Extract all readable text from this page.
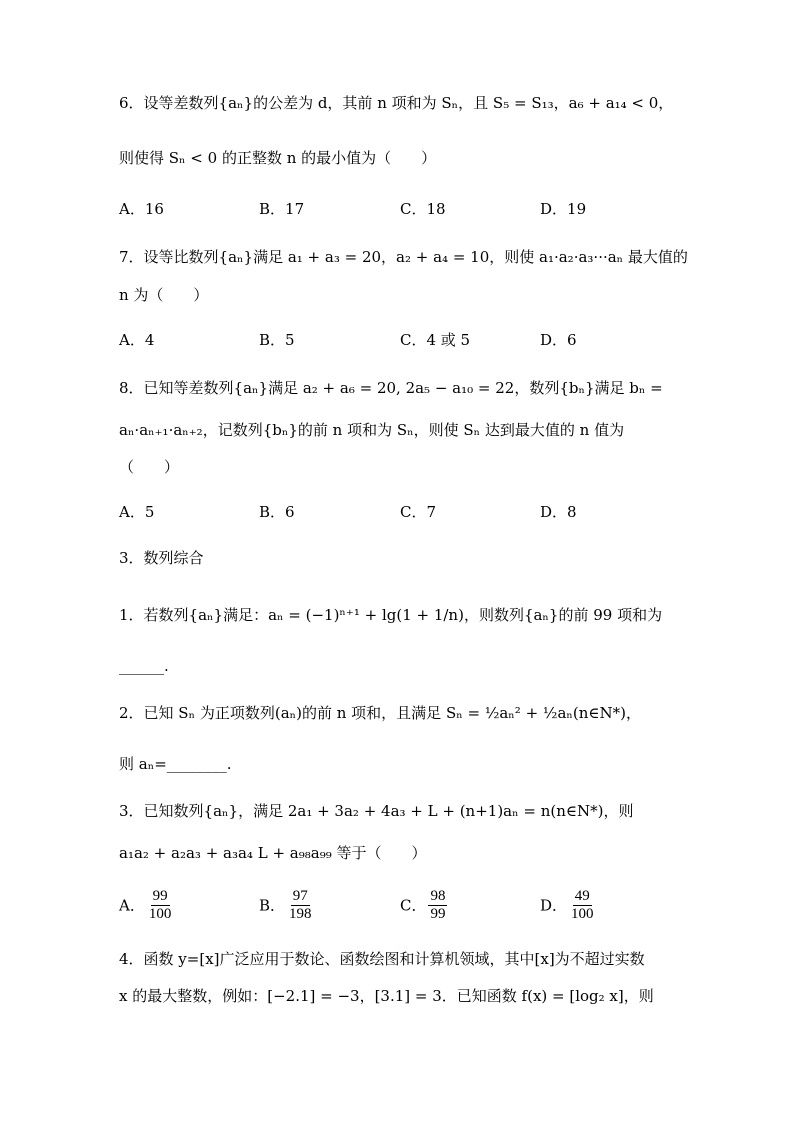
6．设等差数列{aₙ}的公差为 d，其前 n 项和为 Sₙ，且 S₅ = S₁₃，a₆ + a₁₄ < 0，
则使得 Sₙ < 0 的正整数 n 的最小值为（　　）
A．16	B．17	C．18	D．19
7．设等比数列{aₙ}满足 a₁ + a₃ = 20，a₂ + a₄ = 10，则使 a₁·a₂·a₃···aₙ 最大值的
n 为（　　）
A．4	B．5	C．4 或 5	D．6
8．已知等差数列{aₙ}满足 a₂ + a₆ = 20, 2a₅ − a₁₀ = 22，数列{bₙ}满足 bₙ =
aₙ·aₙ₊₁·aₙ₊₂，记数列{bₙ}的前 n 项和为 Sₙ，则使 Sₙ 达到最大值的 n 值为
（　　）
A．5	B．6	C．7	D．8
3．数列综合
1．若数列{aₙ}满足：aₙ = (−1)ⁿ⁺¹ + lg(1 + 1/n)，则数列{aₙ}的前 99 项和为
______.
2．已知 Sₙ 为正项数列(aₙ)的前 n 项和，且满足 Sₙ = ½aₙ² + ½aₙ(n∈N*)，
则 aₙ=________.
3．已知数列{aₙ}，满足 2a₁ + 3a₂ + 4a₃ + L + (n+1)aₙ = n(n∈N*)，则
a₁a₂ + a₂a₃ + a₃a₄ L + a₉₈a₉₉ 等于（　　）
A． $\frac{99}{100}$	B． $\frac{97}{198}$	C． $\frac{98}{99}$	D． $\frac{49}{100}$
4．函数 y=[x]广泛应用于数论、函数绘图和计算机领域，其中[x]为不超过实数
x 的最大整数，例如：[−2.1] = −3，[3.1] = 3．已知函数 f(x) = [log₂ x]，则
